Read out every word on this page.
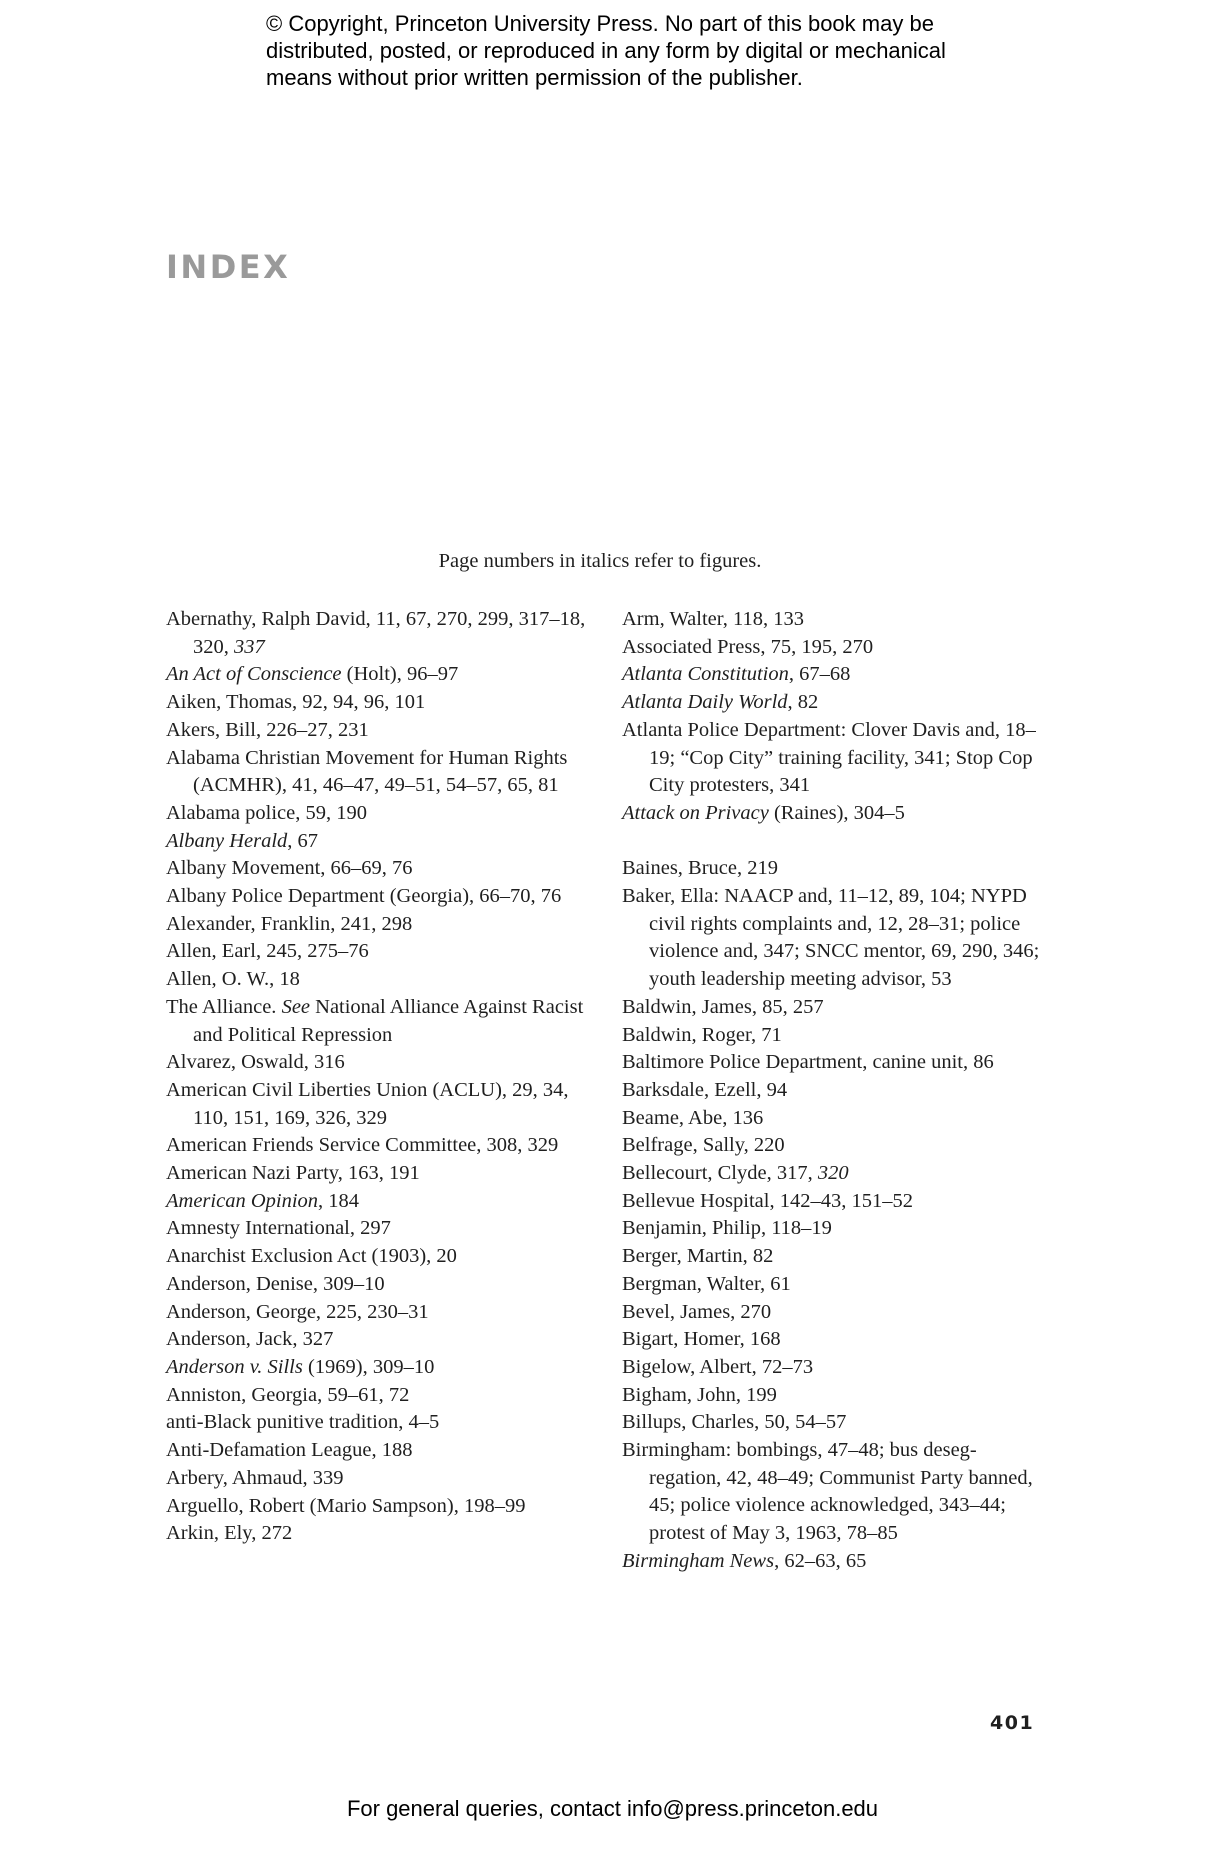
© Copyright, Princeton University Press. No part of this book may be
distributed, posted, or reproduced in any form by digital or mechanical
means without prior written permission of the publisher.
INDEX
Page numbers in italics refer to figures.
Abernathy, Ralph David, 11, 67, 270, 299, 317–18, 320, 337
An Act of Conscience (Holt), 96–97
Aiken, Thomas, 92, 94, 96, 101
Akers, Bill, 226–27, 231
Alabama Christian Movement for Human Rights (ACMHR), 41, 46–47, 49–51, 54–57, 65, 81
Alabama police, 59, 190
Albany Herald, 67
Albany Movement, 66–69, 76
Albany Police Department (Georgia), 66–70, 76
Alexander, Franklin, 241, 298
Allen, Earl, 245, 275–76
Allen, O. W., 18
The Alliance. See National Alliance Against Racist and Political Repression
Alvarez, Oswald, 316
American Civil Liberties Union (ACLU), 29, 34, 110, 151, 169, 326, 329
American Friends Service Committee, 308, 329
American Nazi Party, 163, 191
American Opinion, 184
Amnesty International, 297
Anarchist Exclusion Act (1903), 20
Anderson, Denise, 309–10
Anderson, George, 225, 230–31
Anderson, Jack, 327
Anderson v. Sills (1969), 309–10
Anniston, Georgia, 59–61, 72
anti-Black punitive tradition, 4–5
Anti-Defamation League, 188
Arbery, Ahmaud, 339
Arguello, Robert (Mario Sampson), 198–99
Arkin, Ely, 272
Arm, Walter, 118, 133
Associated Press, 75, 195, 270
Atlanta Constitution, 67–68
Atlanta Daily World, 82
Atlanta Police Department: Clover Davis and, 18–19; “Cop City” training facility, 341; Stop Cop City protesters, 341
Attack on Privacy (Raines), 304–5
Baines, Bruce, 219
Baker, Ella: NAACP and, 11–12, 89, 104; NYPD civil rights complaints and, 12, 28–31; police violence and, 347; SNCC mentor, 69, 290, 346; youth leadership meeting advisor, 53
Baldwin, James, 85, 257
Baldwin, Roger, 71
Baltimore Police Department, canine unit, 86
Barksdale, Ezell, 94
Beame, Abe, 136
Belfrage, Sally, 220
Bellecourt, Clyde, 317, 320
Bellevue Hospital, 142–43, 151–52
Benjamin, Philip, 118–19
Berger, Martin, 82
Bergman, Walter, 61
Bevel, James, 270
Bigart, Homer, 168
Bigelow, Albert, 72–73
Bigham, John, 199
Billups, Charles, 50, 54–57
Birmingham: bombings, 47–48; bus desegregation, 42, 48–49; Communist Party banned, 45; police violence acknowledged, 343–44; protest of May 3, 1963, 78–85
Birmingham News, 62–63, 65
401
For general queries, contact info@press.princeton.edu
